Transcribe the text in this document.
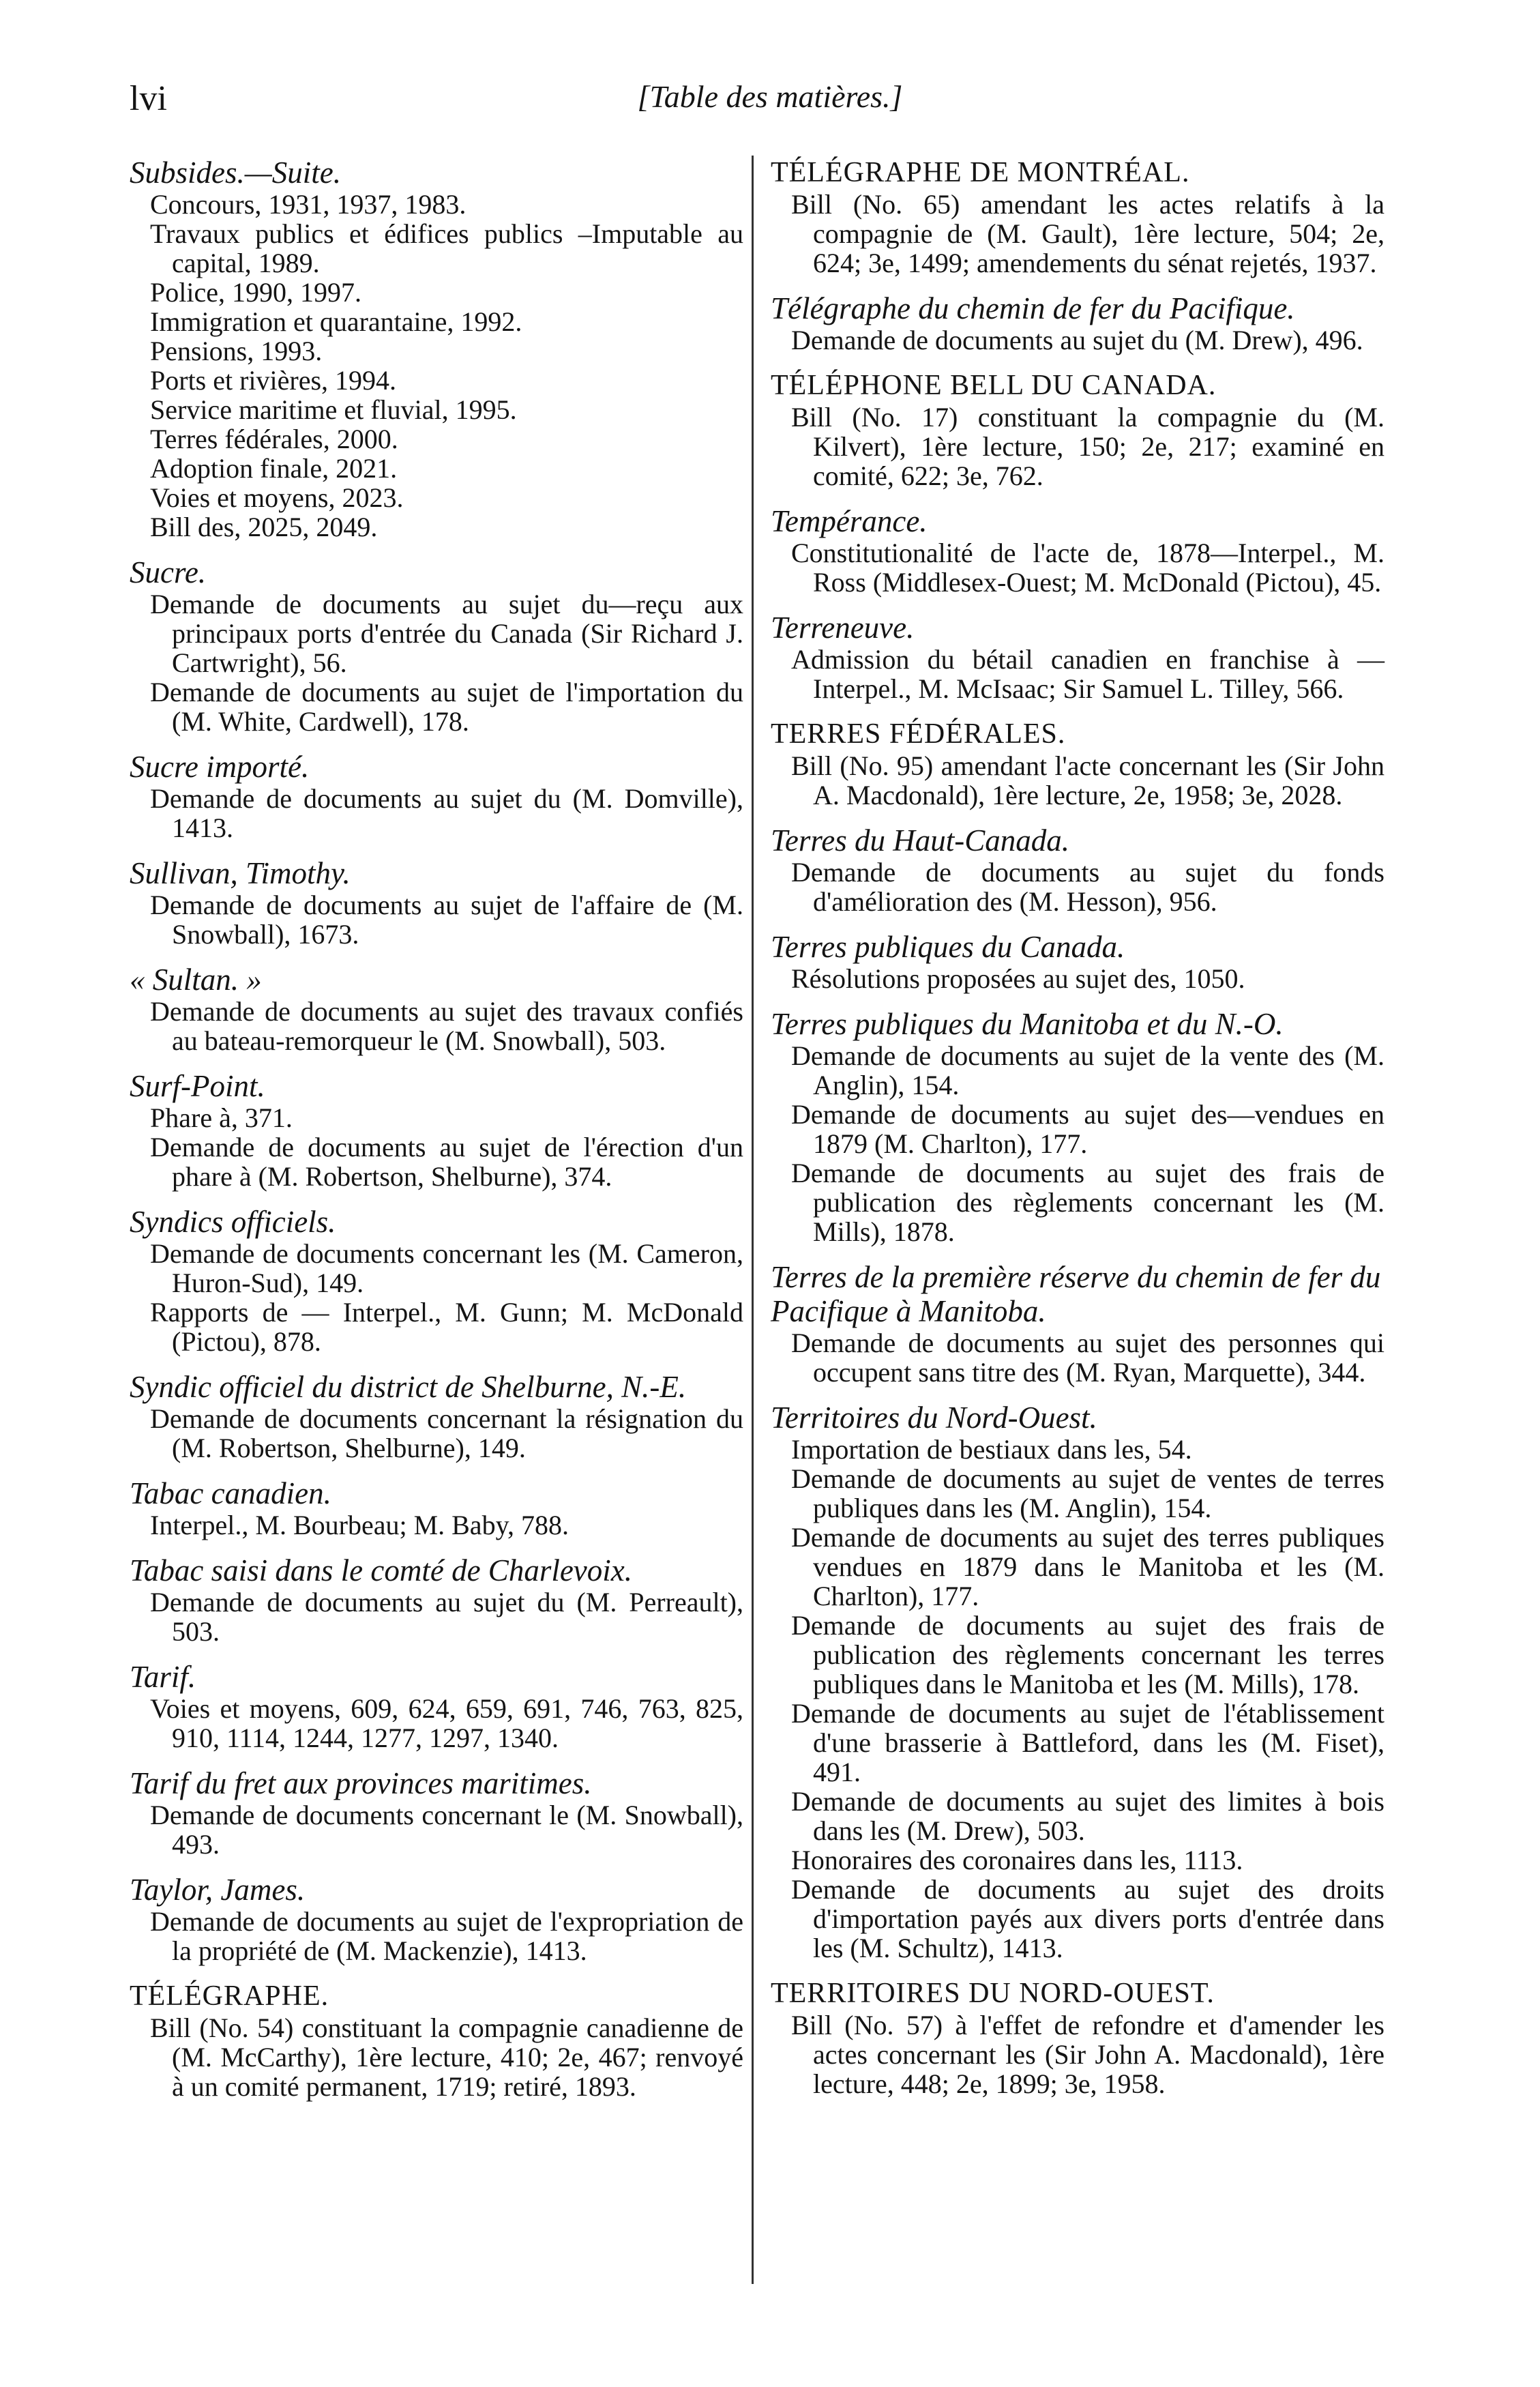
lvi	[Table des matières.]
Subsides.—Suite.
Concours, 1931, 1937, 1983.
Travaux publics et édifices publics –Imputable au capital, 1989.
Police, 1990, 1997.
Immigration et quarantaine, 1992.
Pensions, 1993.
Ports et rivières, 1994.
Service maritime et fluvial, 1995.
Terres fédérales, 2000.
Adoption finale, 2021.
Voies et moyens, 2023.
Bill des, 2025, 2049.
Sucre.
Demande de documents au sujet du—reçu aux principaux ports d'entrée du Canada (Sir Richard J. Cartwright), 56.
Demande de documents au sujet de l'importation du (M. White, Cardwell), 178.
Sucre importé.
Demande de documents au sujet du (M. Domville), 1413.
Sullivan, Timothy.
Demande de documents au sujet de l'affaire de (M. Snowball), 1673.
« Sultan. »
Demande de documents au sujet des travaux confiés au bateau-remorqueur le (M. Snowball), 503.
Surf-Point.
Phare à, 371.
Demande de documents au sujet de l'érection d'un phare à (M. Robertson, Shelburne), 374.
Syndics officiels.
Demande de documents concernant les (M. Cameron, Huron-Sud), 149.
Rapports de — Interpel., M. Gunn; M. McDonald (Pictou), 878.
Syndic officiel du district de Shelburne, N.-E.
Demande de documents concernant la résignation du (M. Robertson, Shelburne), 149.
Tabac canadien.
Interpel., M. Bourbeau; M. Baby, 788.
Tabac saisi dans le comté de Charlevoix.
Demande de documents au sujet du (M. Perreault), 503.
Tarif.
Voies et moyens, 609, 624, 659, 691, 746, 763, 825, 910, 1114, 1244, 1277, 1297, 1340.
Tarif du fret aux provinces maritimes.
Demande de documents concernant le (M. Snowball), 493.
Taylor, James.
Demande de documents au sujet de l'expropriation de la propriété de (M. Mackenzie), 1413.
TÉLÉGRAPHE.
Bill (No. 54) constituant la compagnie canadienne de (M. McCarthy), 1ère lecture, 410; 2e, 467; renvoyé à un comité permanent, 1719; retiré, 1893.
TÉLÉGRAPHE DE MONTRÉAL.
Bill (No. 65) amendant les actes relatifs à la compagnie de (M. Gault), 1ère lecture, 504; 2e, 624; 3e, 1499; amendements du sénat rejetés, 1937.
Télégraphe du chemin de fer du Pacifique.
Demande de documents au sujet du (M. Drew), 496.
TÉLÉPHONE BELL DU CANADA.
Bill (No. 17) constituant la compagnie du (M. Kilvert), 1ère lecture, 150; 2e, 217; examiné en comité, 622; 3e, 762.
Tempérance.
Constitutionalité de l'acte de, 1878—Interpel., M. Ross (Middlesex-Ouest; M. McDonald (Pictou), 45.
Terreneuve.
Admission du bétail canadien en franchise à —Interpel., M. McIsaac; Sir Samuel L. Tilley, 566.
TERRES FÉDÉRALES.
Bill (No. 95) amendant l'acte concernant les (Sir John A. Macdonald), 1ère lecture, 2e, 1958; 3e, 2028.
Terres du Haut-Canada.
Demande de documents au sujet du fonds d'amélioration des (M. Hesson), 956.
Terres publiques du Canada.
Résolutions proposées au sujet des, 1050.
Terres publiques du Manitoba et du N.-O.
Demande de documents au sujet de la vente des (M. Anglin), 154.
Demande de documents au sujet des—vendues en 1879 (M. Charlton), 177.
Demande de documents au sujet des frais de publication des règlements concernant les (M. Mills), 1878.
Terres de la première réserve du chemin de fer du Pacifique à Manitoba.
Demande de documents au sujet des personnes qui occupent sans titre des (M. Ryan, Marquette), 344.
Territoires du Nord-Ouest.
Importation de bestiaux dans les, 54.
Demande de documents au sujet de ventes de terres publiques dans les (M. Anglin), 154.
Demande de documents au sujet des terres publiques vendues en 1879 dans le Manitoba et les (M. Charlton), 177.
Demande de documents au sujet des frais de publication des règlements concernant les terres publiques dans le Manitoba et les (M. Mills), 178.
Demande de documents au sujet de l'établissement d'une brasserie à Battleford, dans les (M. Fiset), 491.
Demande de documents au sujet des limites à bois dans les (M. Drew), 503.
Honoraires des coronaires dans les, 1113.
Demande de documents au sujet des droits d'importation payés aux divers ports d'entrée dans les (M. Schultz), 1413.
TERRITOIRES DU NORD-OUEST.
Bill (No. 57) à l'effet de refondre et d'amender les actes concernant les (Sir John A. Macdonald), 1ère lecture, 448; 2e, 1899; 3e, 1958.
